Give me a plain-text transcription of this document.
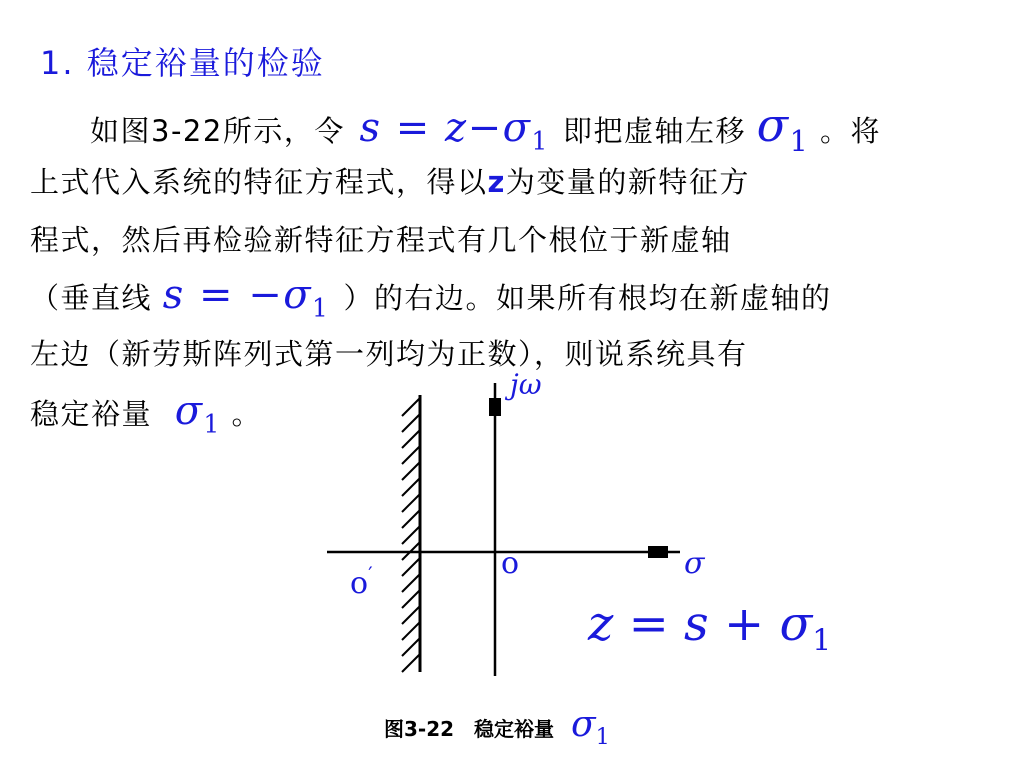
1. 稳定裕量的检验
如图3-22所示，令 $s = z-\sigma_1$ 即把虚轴左移 $\sigma_1$ 。将
上式代入系统的特征方程式，得以z为变量的新特征方
程式，然后再检验新特征方程式有几个根位于新虚轴
（垂直线 $s = -\sigma_1$ ）的右边。如果所有根均在新虚轴的
左边（新劳斯阵列式第一列均为正数），则说系统具有
稳定裕量 $\sigma_1$ 。
jω
σ
o
o′
$z = s + \sigma_1$
图3-22　稳定裕量 $\sigma_1$
